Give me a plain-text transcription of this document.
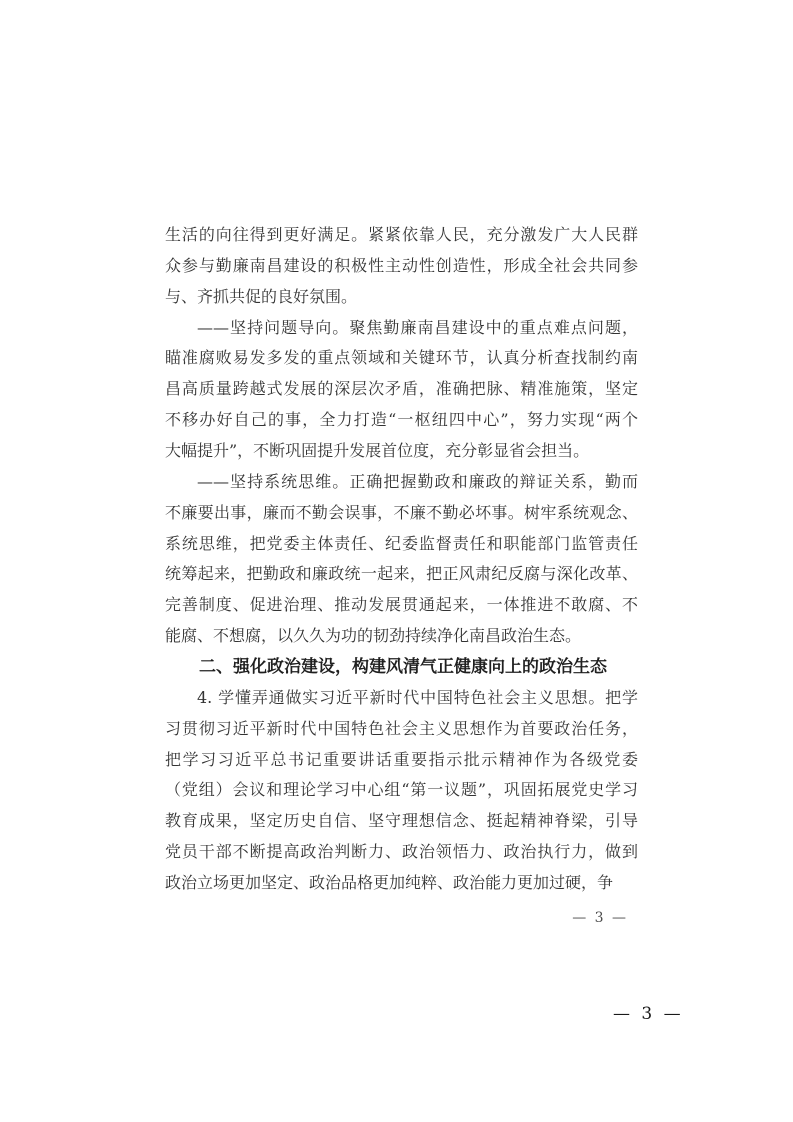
生活的向往得到更好满足。紧紧依靠人民，充分激发广大人民群
众参与勤廉南昌建设的积极性主动性创造性，形成全社会共同参
与、齐抓共促的良好氛围。
——坚持问题导向。聚焦勤廉南昌建设中的重点难点问题，
瞄准腐败易发多发的重点领域和关键环节，认真分析查找制约南
昌高质量跨越式发展的深层次矛盾，准确把脉、精准施策，坚定
不移办好自己的事，全力打造“一枢纽四中心”，努力实现“两个
大幅提升”，不断巩固提升发展首位度，充分彰显省会担当。
——坚持系统思维。正确把握勤政和廉政的辩证关系，勤而
不廉要出事，廉而不勤会误事，不廉不勤必坏事。树牢系统观念、
系统思维，把党委主体责任、纪委监督责任和职能部门监管责任
统筹起来，把勤政和廉政统一起来，把正风肃纪反腐与深化改革、
完善制度、促进治理、推动发展贯通起来，一体推进不敢腐、不
能腐、不想腐，以久久为功的韧劲持续净化南昌政治生态。
二、强化政治建设，构建风清气正健康向上的政治生态
4. 学懂弄通做实习近平新时代中国特色社会主义思想。把学
习贯彻习近平新时代中国特色社会主义思想作为首要政治任务，
把学习习近平总书记重要讲话重要指示批示精神作为各级党委
（党组）会议和理论学习中心组“第一议题”，巩固拓展党史学习
教育成果，坚定历史自信、坚守理想信念、挺起精神脊梁，引导
党员干部不断提高政治判断力、政治领悟力、政治执行力，做到
政治立场更加坚定、政治品格更加纯粹、政治能力更加过硬，争
— 3 —
— 3 —
